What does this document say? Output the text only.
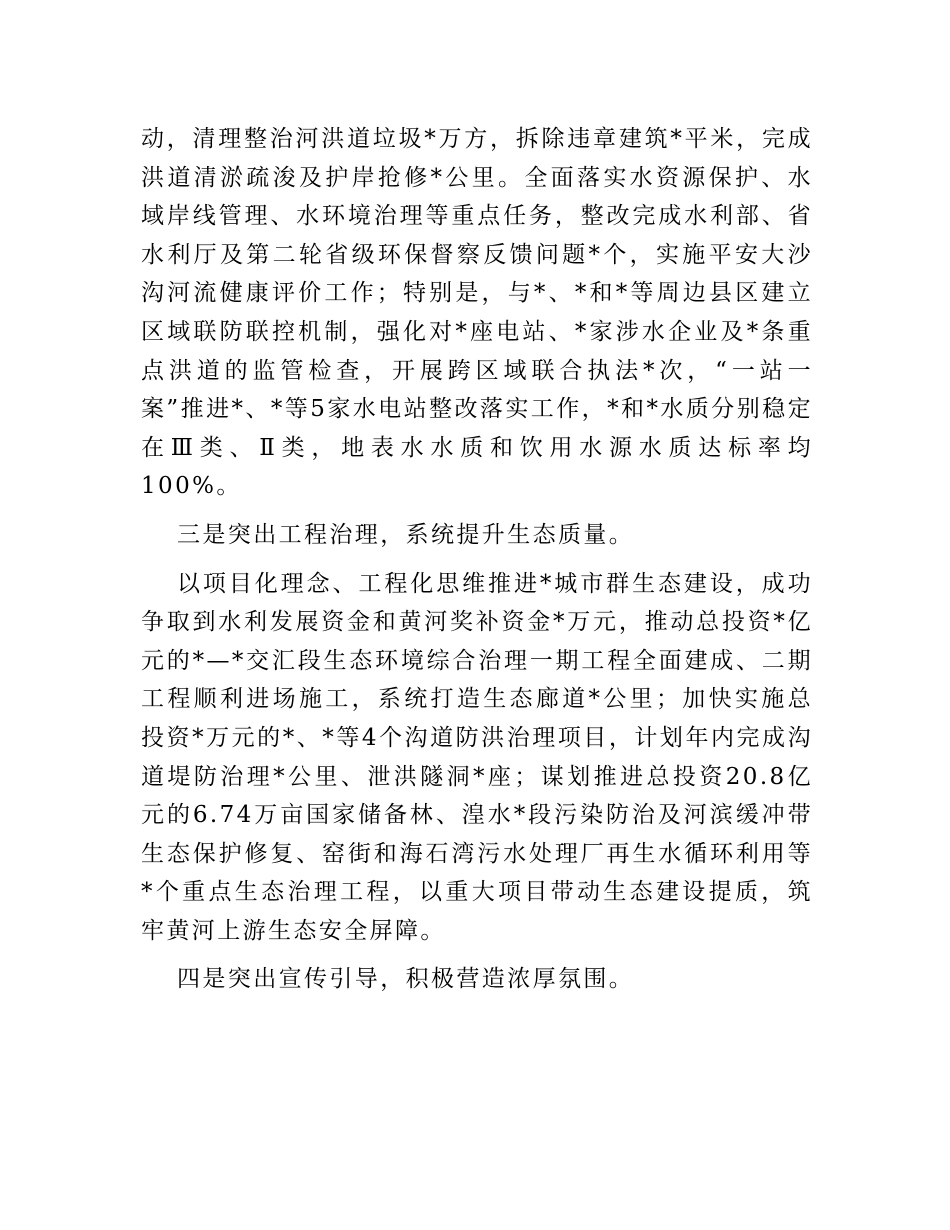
动，清理整治河洪道垃圾*万方，拆除违章建筑*平米，完成洪道清淤疏浚及护岸抢修*公里。全面落实水资源保护、水域岸线管理、水环境治理等重点任务，整改完成水利部、省水利厅及第二轮省级环保督察反馈问题*个，实施平安大沙沟河流健康评价工作；特别是，与*、*和*等周边县区建立区域联防联控机制，强化对*座电站、*家涉水企业及*条重点洪道的监管检查，开展跨区域联合执法*次，“一站一案”推进*、*等5家水电站整改落实工作，*和*水质分别稳定在Ⅲ类、Ⅱ类，地表水水质和饮用水源水质达标率均100%。

三是突出工程治理，系统提升生态质量。

以项目化理念、工程化思维推进*城市群生态建设，成功争取到水利发展资金和黄河奖补资金*万元，推动总投资*亿元的*—*交汇段生态环境综合治理一期工程全面建成、二期工程顺利进场施工，系统打造生态廊道*公里；加快实施总投资*万元的*、*等4个沟道防洪治理项目，计划年内完成沟道堤防治理*公里、泄洪隧洞*座；谋划推进总投资20.8亿元的6.74万亩国家储备林、湟水*段污染防治及河滨缓冲带生态保护修复、窑街和海石湾污水处理厂再生水循环利用等*个重点生态治理工程，以重大项目带动生态建设提质，筑牢黄河上游生态安全屏障。

四是突出宣传引导，积极营造浓厚氛围。
